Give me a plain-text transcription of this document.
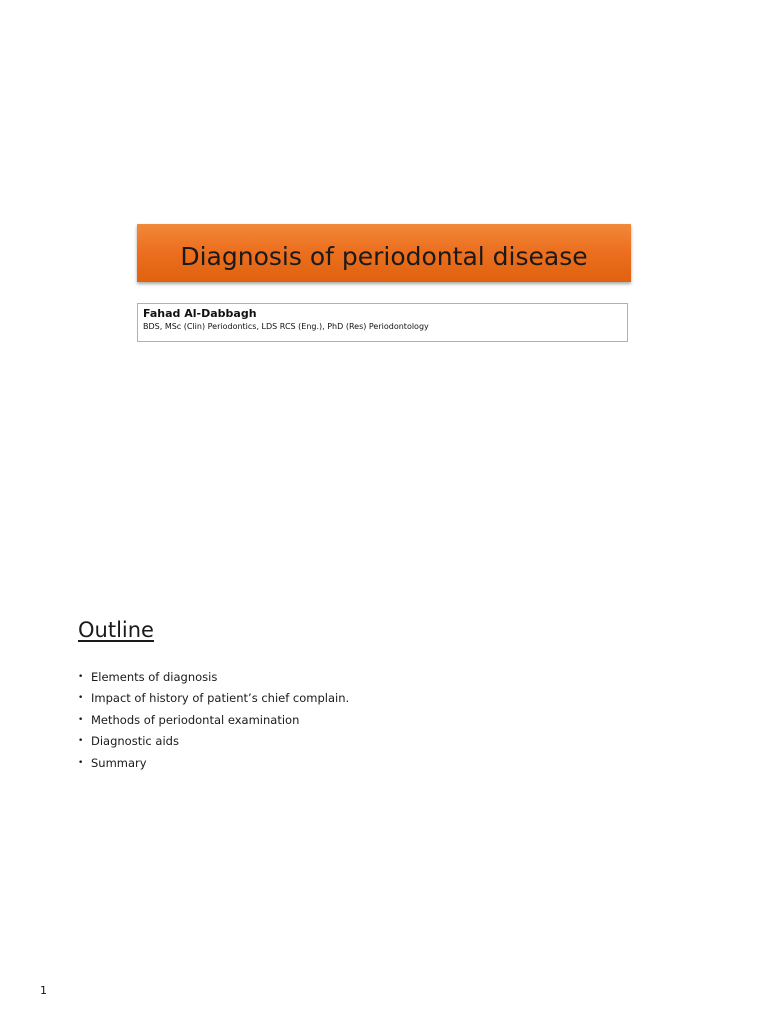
Diagnosis of periodontal disease
Fahad Al-Dabbagh
BDS, MSc (Clin) Periodontics, LDS RCS (Eng.), PhD (Res) Periodontology
Outline
• Elements of diagnosis
• Impact of history of patient’s chief complain.
• Methods of periodontal examination
• Diagnostic aids
• Summary
1
